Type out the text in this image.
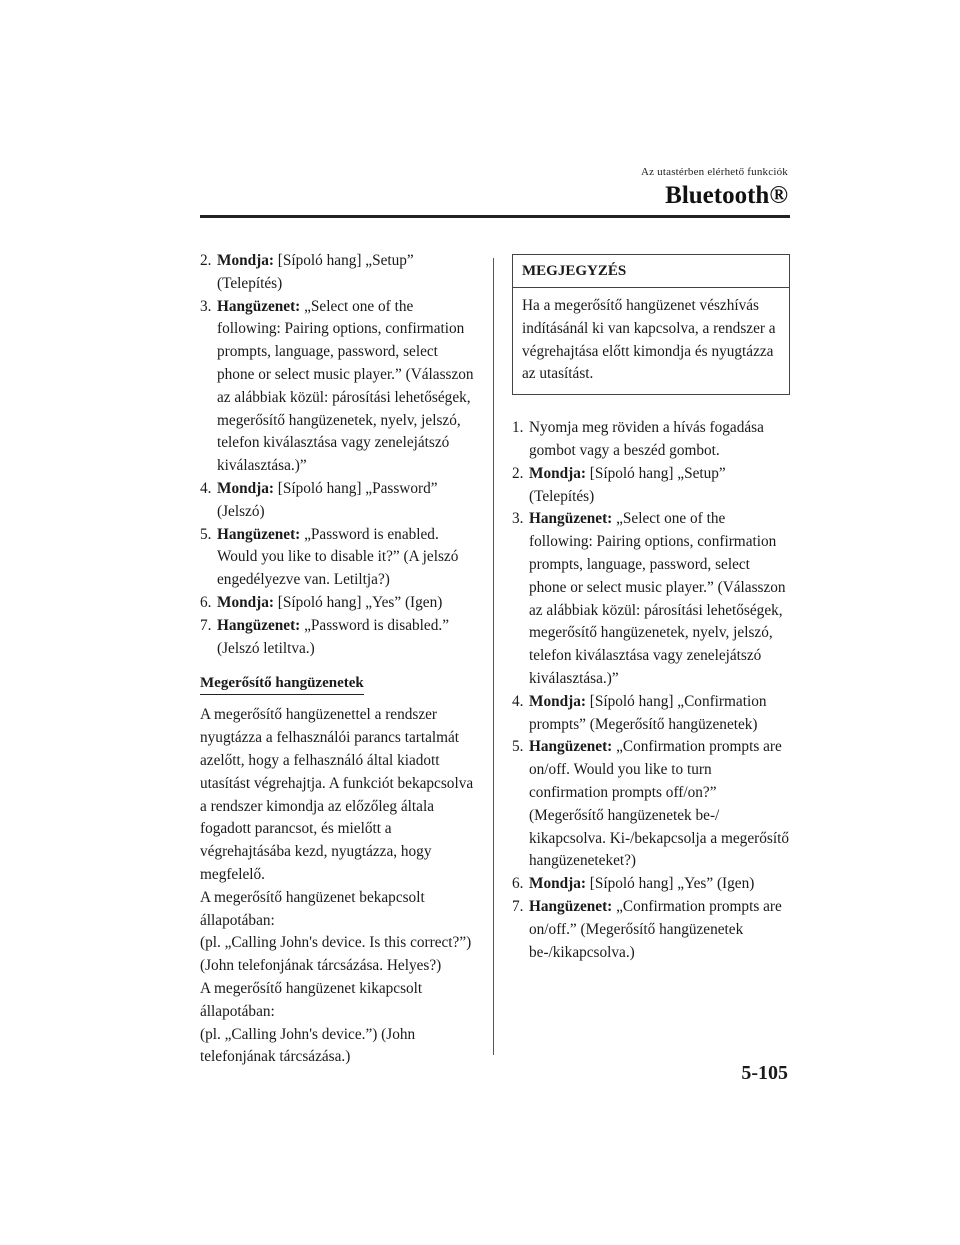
Az utastérben elérhető funkciók
Bluetooth®
2. Mondja: [Sípoló hang] „Setup” (Telepítés)
3. Hangüzenet: „Select one of the following: Pairing options, confirmation prompts, language, password, select phone or select music player.” (Válasszon az alábbiak közül: párosítási lehetőségek, megerősítő hangüzenetek, nyelv, jelszó, telefon kiválasztása vagy zenelejátszó kiválasztása.)”
4. Mondja: [Sípoló hang] „Password” (Jelszó)
5. Hangüzenet: „Password is enabled. Would you like to disable it?” (A jelszó engedélyezve van. Letiltja?)
6. Mondja: [Sípoló hang] „Yes” (Igen)
7. Hangüzenet: „Password is disabled.” (Jelszó letiltva.)
Megerősítő hangüzenetek

A megerősítő hangüzenettel a rendszer nyugtázza a felhasználói parancs tartalmát azelőtt, hogy a felhasználó által kiadott utasítást végrehajtja. A funkciót bekapcsolva a rendszer kimondja az előzőleg általa fogadott parancsot, és mielőtt a végrehajtásába kezd, nyugtázza, hogy megfelelő.

A megerősítő hangüzenet bekapcsolt állapotában:

(pl. „Calling John's device. Is this correct?”) (John telefonjának tárcsázása. Helyes?)

A megerősítő hangüzenet kikapcsolt állapotában:

(pl. „Calling John's device.”) (John telefonjának tárcsázása.)

MEGJEGYZÉS
Ha a megerősítő hangüzenet vészhívás indításánál ki van kapcsolva, a rendszer a végrehajtása előtt kimondja és nyugtázza az utasítást.
1. Nyomja meg röviden a hívás fogadása gombot vagy a beszéd gombot.
2. Mondja: [Sípoló hang] „Setup” (Telepítés)
3. Hangüzenet: „Select one of the following: Pairing options, confirmation prompts, language, password, select phone or select music player.” (Válasszon az alábbiak közül: párosítási lehetőségek, megerősítő hangüzenetek, nyelv, jelszó, telefon kiválasztása vagy zenelejátszó kiválasztása.)”
4. Mondja: [Sípoló hang] „Confirmation prompts” (Megerősítő hangüzenetek)
5. Hangüzenet: „Confirmation prompts are on/off. Would you like to turn confirmation prompts off/on?” (Megerősítő hangüzenetek be-/ kikapcsolva. Ki-/bekapcsolja a megerősítő hangüzeneteket?)
6. Mondja: [Sípoló hang] „Yes” (Igen)
7. Hangüzenet: „Confirmation prompts are on/off.” (Megerősítő hangüzenetek be-/kikapcsolva.)
5-105
